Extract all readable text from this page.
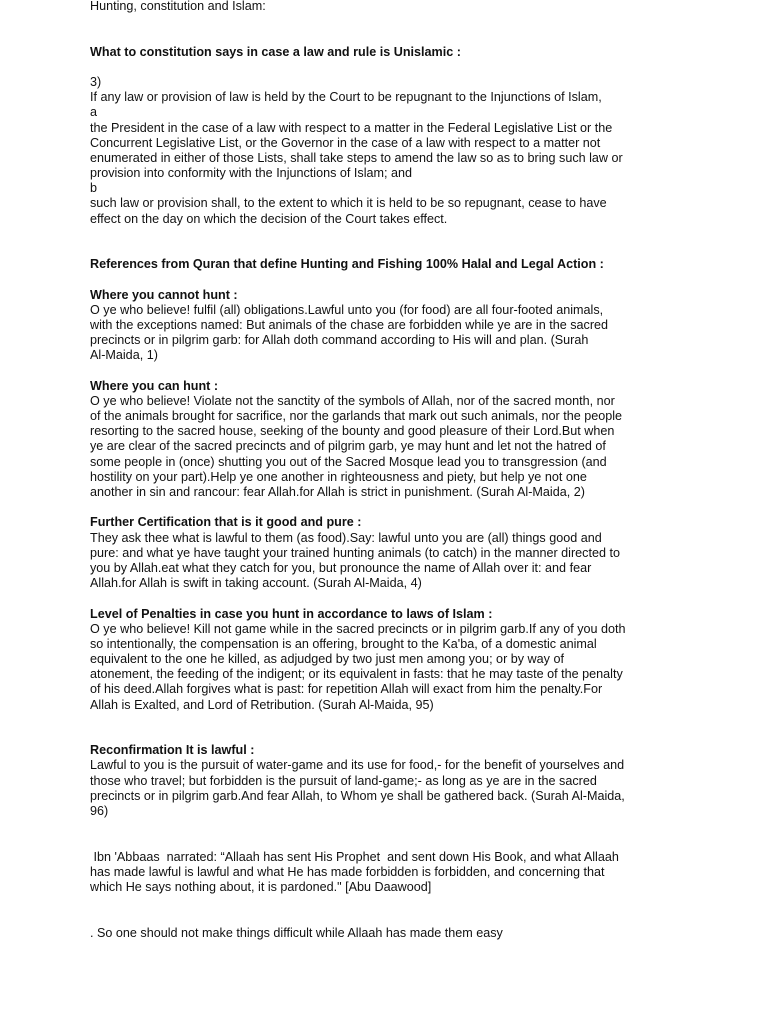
Hunting, constitution and Islam:
What to constitution says in case a law and rule is Unislamic :
3)
If any law or provision of law is held by the Court to be repugnant to the Injunctions of Islam,
a
the President in the case of a law with respect to a matter in the Federal Legislative List or the
Concurrent Legislative List, or the Governor in the case of a law with respect to a matter not
enumerated in either of those Lists, shall take steps to amend the law so as to bring such law or
provision into conformity with the Injunctions of Islam; and
b
such law or provision shall, to the extent to which it is held to be so repugnant, cease to have
effect on the day on which the decision of the Court takes effect.
References from Quran that define Hunting and Fishing 100% Halal and Legal Action :
Where you cannot hunt :
O ye who believe! fulfil (all) obligations.Lawful unto you (for food) are all four-footed animals,
with the exceptions named: But animals of the chase are forbidden while ye are in the sacred
precincts or in pilgrim garb: for Allah doth command according to His will and plan. (Surah
Al-Maida, 1)
Where you can hunt :
O ye who believe! Violate not the sanctity of the symbols of Allah, nor of the sacred month, nor
of the animals brought for sacrifice, nor the garlands that mark out such animals, nor the people
resorting to the sacred house, seeking of the bounty and good pleasure of their Lord.But when
ye are clear of the sacred precincts and of pilgrim garb, ye may hunt and let not the hatred of
some people in (once) shutting you out of the Sacred Mosque lead you to transgression (and
hostility on your part).Help ye one another in righteousness and piety, but help ye not one
another in sin and rancour: fear Allah.for Allah is strict in punishment. (Surah Al-Maida, 2)
Further Certification that is it good and pure :
They ask thee what is lawful to them (as food).Say: lawful unto you are (all) things good and
pure: and what ye have taught your trained hunting animals (to catch) in the manner directed to
you by Allah.eat what they catch for you, but pronounce the name of Allah over it: and fear
Allah.for Allah is swift in taking account. (Surah Al-Maida, 4)
Level of Penalties in case you hunt in accordance to laws of Islam :
O ye who believe! Kill not game while in the sacred precincts or in pilgrim garb.If any of you doth
so intentionally, the compensation is an offering, brought to the Ka'ba, of a domestic animal
equivalent to the one he killed, as adjudged by two just men among you; or by way of
atonement, the feeding of the indigent; or its equivalent in fasts: that he may taste of the penalty
of his deed.Allah forgives what is past: for repetition Allah will exact from him the penalty.For
Allah is Exalted, and Lord of Retribution. (Surah Al-Maida, 95)
Reconfirmation It is lawful :
Lawful to you is the pursuit of water-game and its use for food,- for the benefit of yourselves and
those who travel; but forbidden is the pursuit of land-game;- as long as ye are in the sacred
precincts or in pilgrim garb.And fear Allah, to Whom ye shall be gathered back. (Surah Al-Maida,
96)
Ibn 'Abbaas  narrated: “Allaah has sent His Prophet  and sent down His Book, and what Allaah
has made lawful is lawful and what He has made forbidden is forbidden, and concerning that
which He says nothing about, it is pardoned." [Abu Daawood]
. So one should not make things difficult while Allaah has made them easy
